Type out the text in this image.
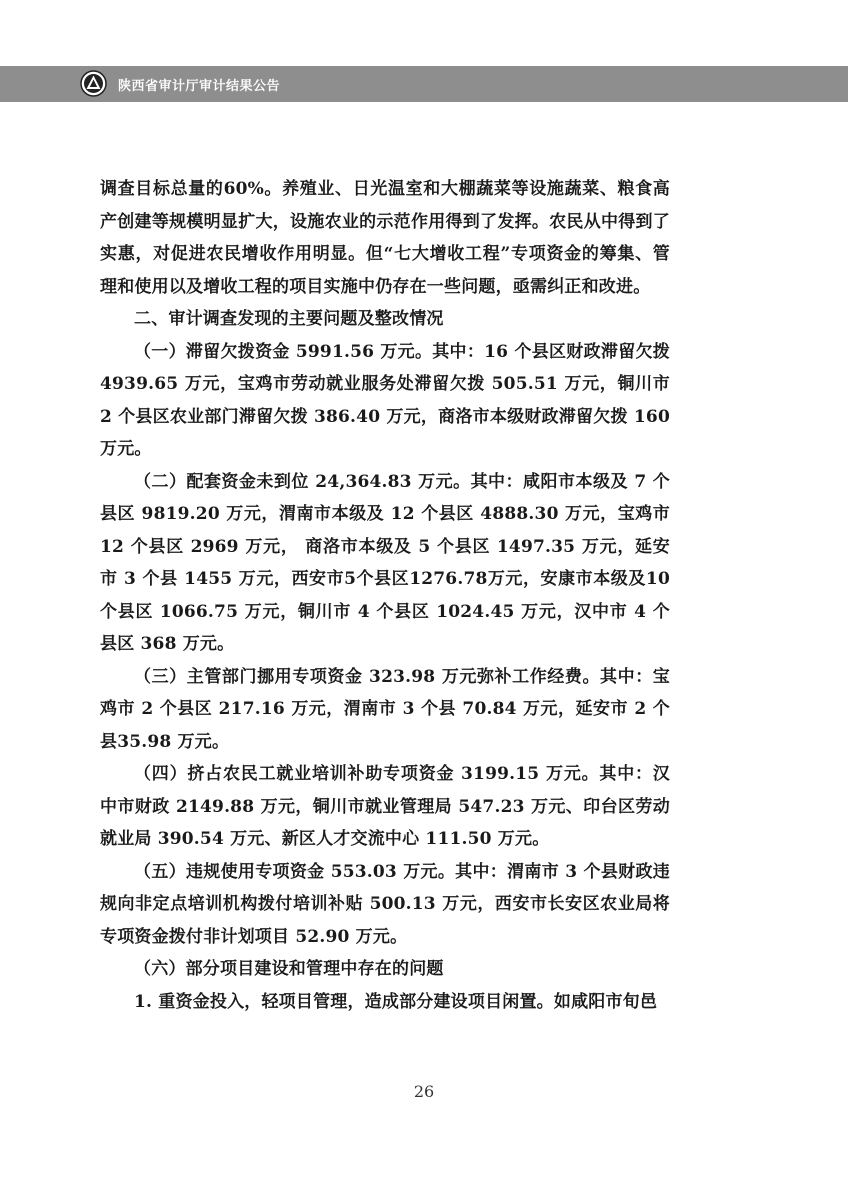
陕西省审计厅审计结果公告

调查目标总量的60%。养殖业、日光温室和大棚蔬菜等设施蔬菜、粮食高产创建等规模明显扩大，设施农业的示范作用得到了发挥。农民从中得到了实惠，对促进农民增收作用明显。但“七大增收工程”专项资金的筹集、管理和使用以及增收工程的项目实施中仍存在一些问题，亟需纠正和改进。

二、审计调查发现的主要问题及整改情况

（一）滞留欠拨资金 5991.56 万元。其中：16 个县区财政滞留欠拨 4939.65 万元，宝鸡市劳动就业服务处滞留欠拨 505.51 万元，铜川市 2 个县区农业部门滞留欠拨 386.40 万元，商洛市本级财政滞留欠拨 160 万元。

（二）配套资金未到位 24,364.83 万元。其中：咸阳市本级及 7 个县区 9819.20 万元，渭南市本级及 12 个县区 4888.30 万元，宝鸡市 12 个县区 2969 万元， 商洛市本级及 5 个县区 1497.35 万元，延安市 3 个县 1455 万元，西安市5个县区1276.78万元，安康市本级及10个县区 1066.75 万元，铜川市 4 个县区 1024.45 万元，汉中市 4 个县区 368 万元。

（三）主管部门挪用专项资金 323.98 万元弥补工作经费。其中：宝鸡市 2 个县区 217.16 万元，渭南市 3 个县 70.84 万元，延安市 2 个县35.98 万元。

（四）挤占农民工就业培训补助专项资金 3199.15 万元。其中：汉中市财政 2149.88 万元，铜川市就业管理局 547.23 万元、印台区劳动就业局 390.54 万元、新区人才交流中心 111.50 万元。

（五）违规使用专项资金 553.03 万元。其中：渭南市 3 个县财政违规向非定点培训机构拨付培训补贴 500.13 万元，西安市长安区农业局将专项资金拨付非计划项目 52.90 万元。

（六）部分项目建设和管理中存在的问题

1. 重资金投入，轻项目管理，造成部分建设项目闲置。如咸阳市旬邑

26
